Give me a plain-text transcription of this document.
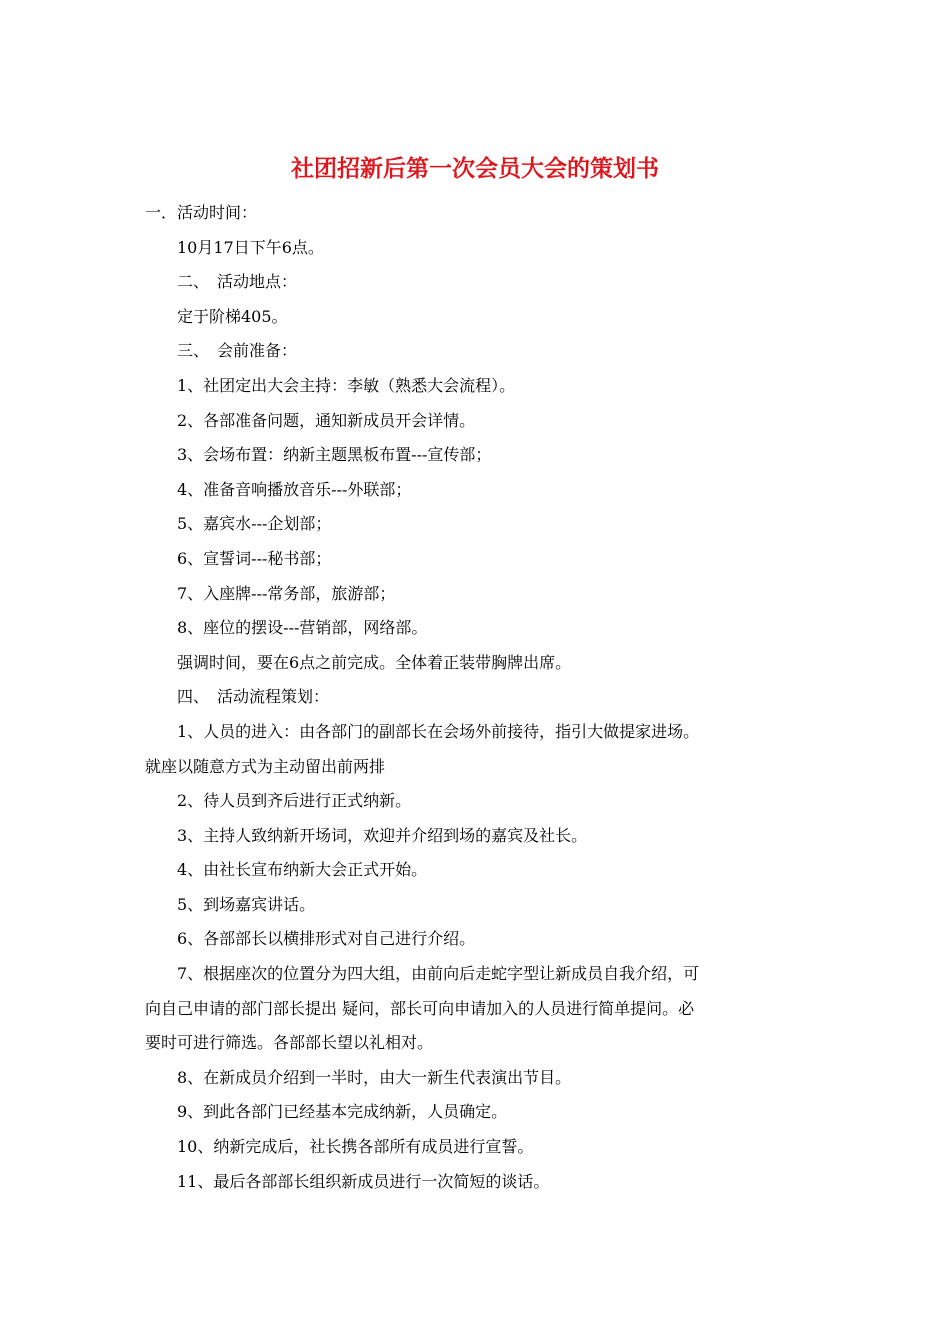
社团招新后第一次会员大会的策划书
一．活动时间：
10月17日下午6点。
二、　活动地点：
定于阶梯405。
三、　会前准备：
1、社团定出大会主持：李敏（熟悉大会流程）。
2、各部准备问题，通知新成员开会详情。
3、会场布置：纳新主题黑板布置---宣传部；
4、准备音响播放音乐---外联部；
5、嘉宾水---企划部；
6、宣誓词---秘书部；
7、入座牌---常务部，旅游部；
8、座位的摆设---营销部，网络部。
强调时间，要在6点之前完成。全体着正装带胸牌出席。
四、　活动流程策划：
1、人员的进入：由各部门的副部长在会场外前接待，指引大做提家进场。
就座以随意方式为主动留出前两排
2、待人员到齐后进行正式纳新。
3、主持人致纳新开场词，欢迎并介绍到场的嘉宾及社长。
4、由社长宣布纳新大会正式开始。
5、到场嘉宾讲话。
6、各部部长以横排形式对自己进行介绍。
7、根据座次的位置分为四大组，由前向后走蛇字型让新成员自我介绍，可
向自己申请的部门部长提出 疑问，部长可向申请加入的人员进行简单提问。必
要时可进行筛选。各部部长望以礼相对。
8、在新成员介绍到一半时，由大一新生代表演出节目。
9、到此各部门已经基本完成纳新，人员确定。
10、纳新完成后，社长携各部所有成员进行宣誓。
11、最后各部部长组织新成员进行一次简短的谈话。
